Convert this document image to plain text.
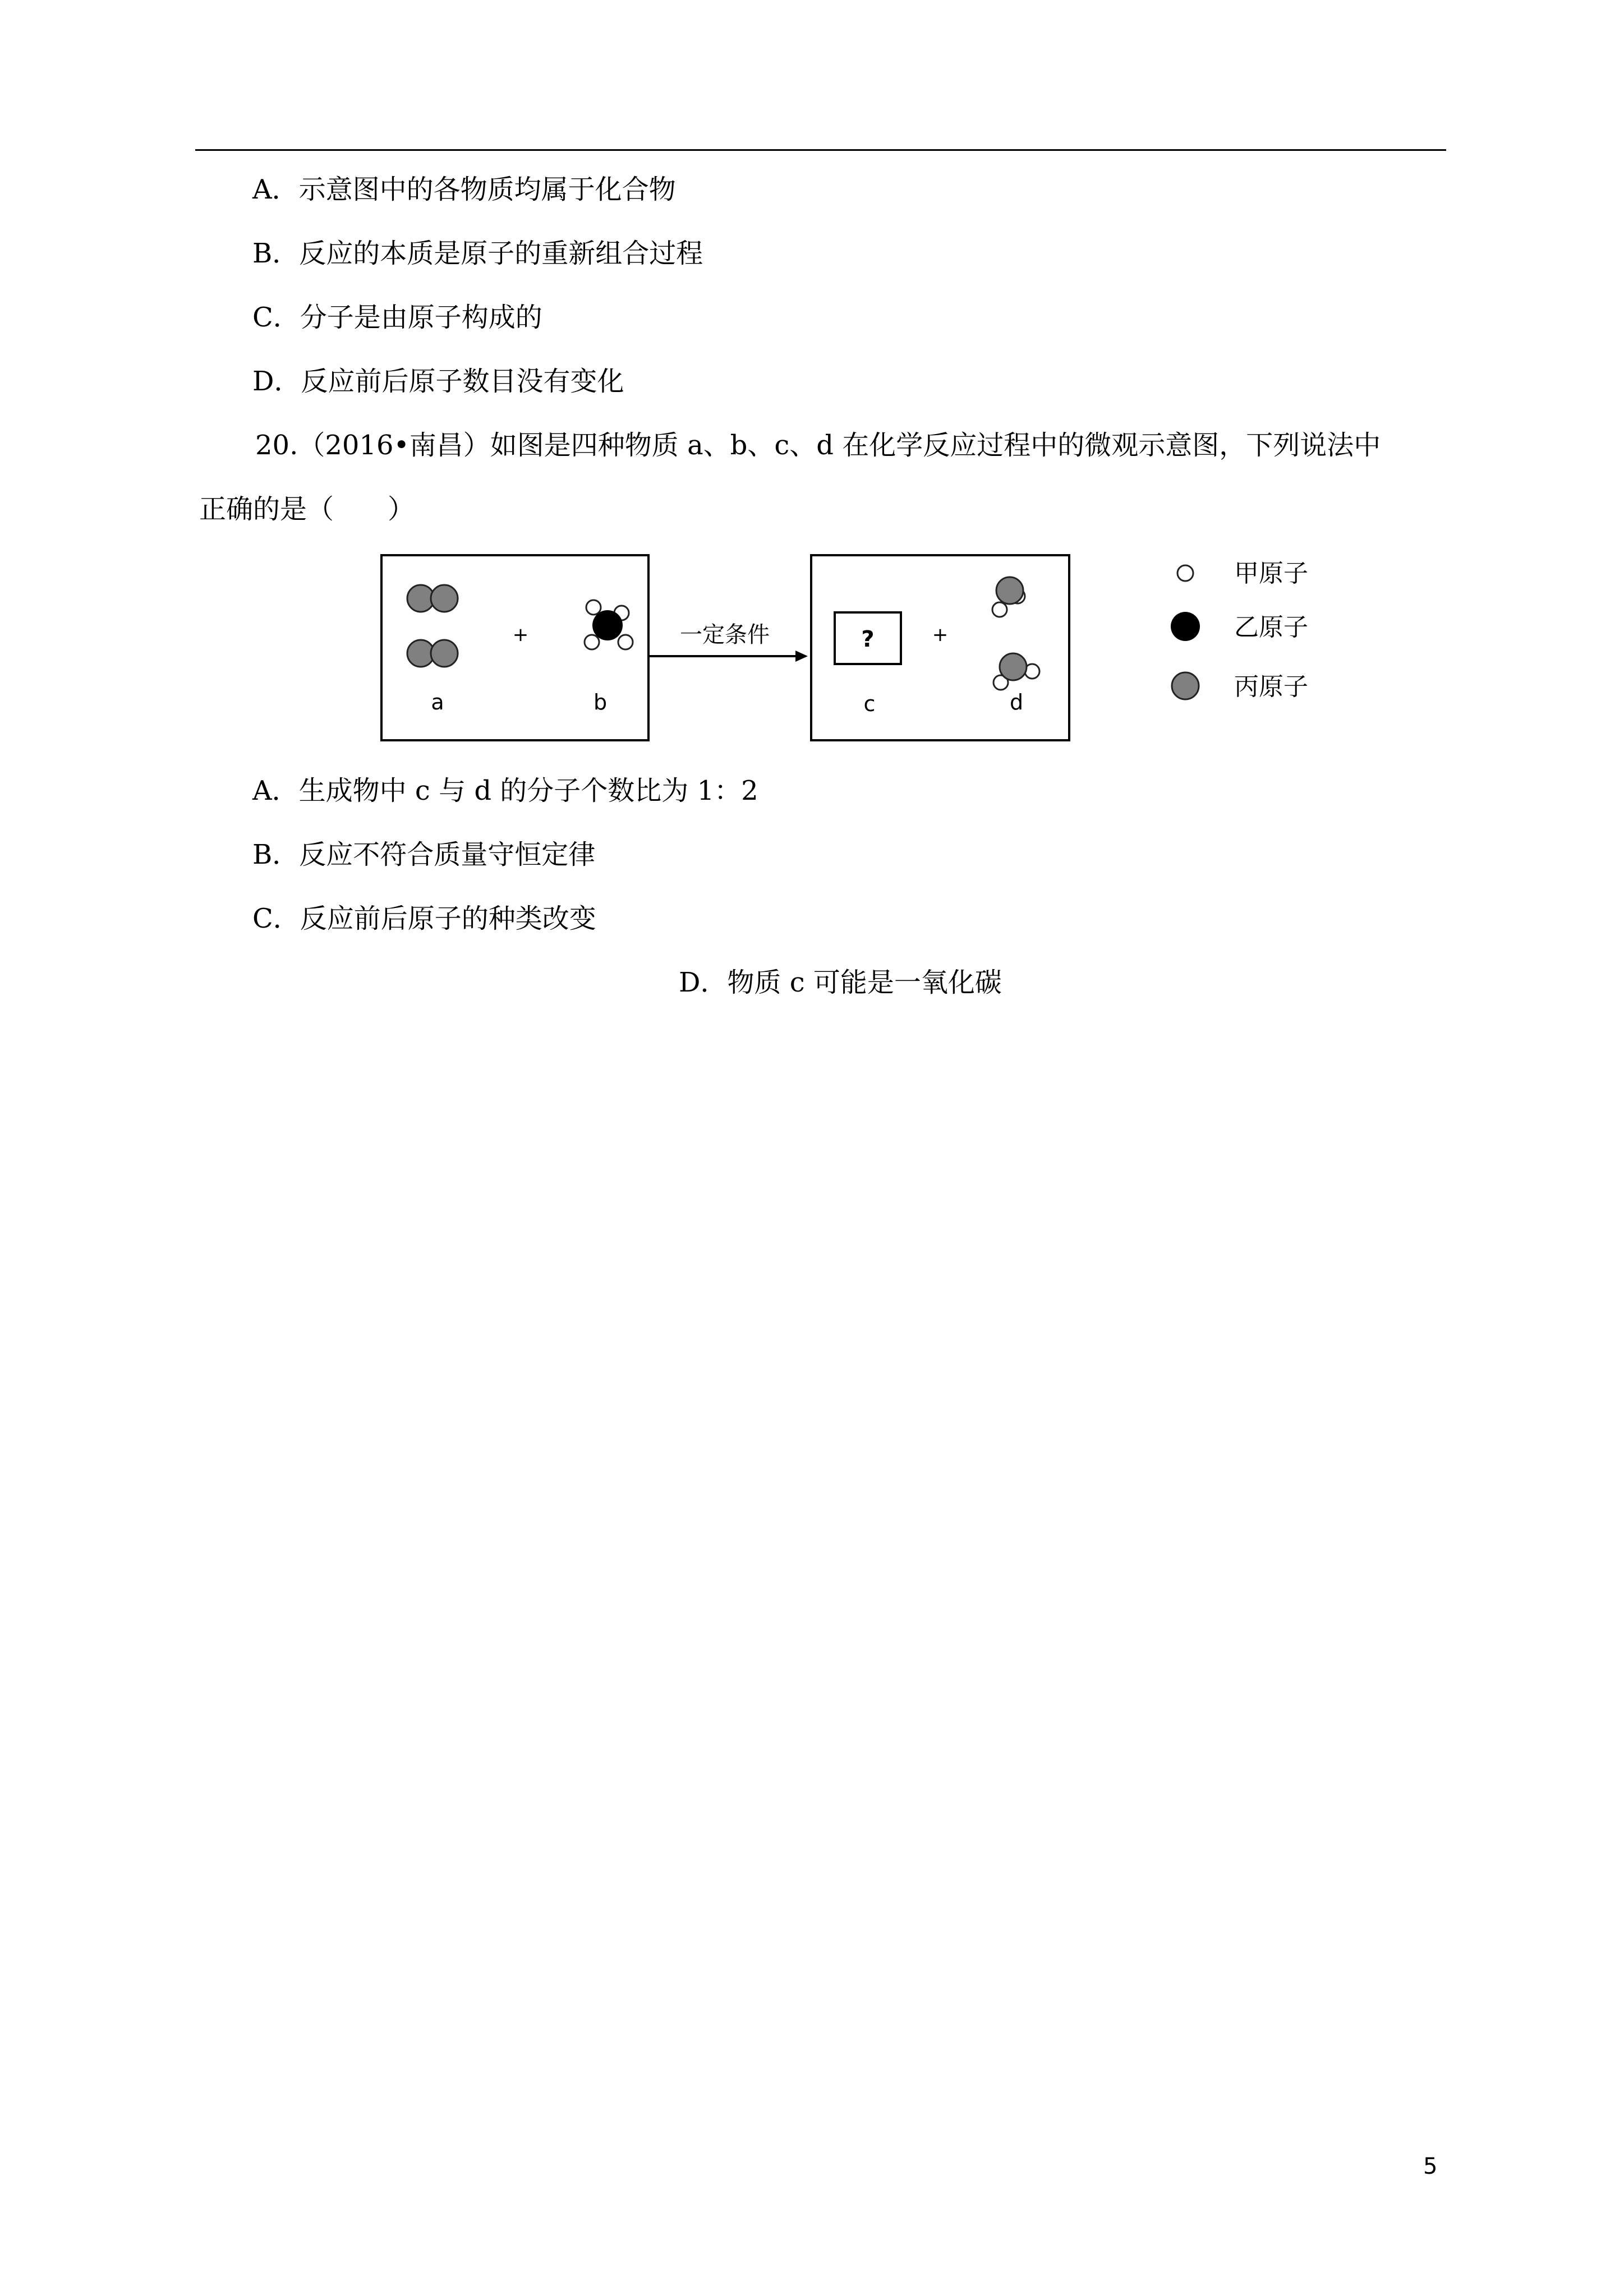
A．示意图中的各物质均属于化合物
B．反应的本质是原子的重新组合过程
C．分子是由原子构成的
D．反应前后原子数目没有变化
20.（2016•南昌）如图是四种物质 a、b、c、d 在化学反应过程中的微观示意图，下列说法中
正确的是（　　）
+
a	b
一定条件	?	+
c	d
甲原子
乙原子
丙原子
A．生成物中 c 与 d 的分子个数比为 1：2
B．反应不符合质量守恒定律
C．反应前后原子的种类改变
D．物质 c 可能是一氧化碳
5
